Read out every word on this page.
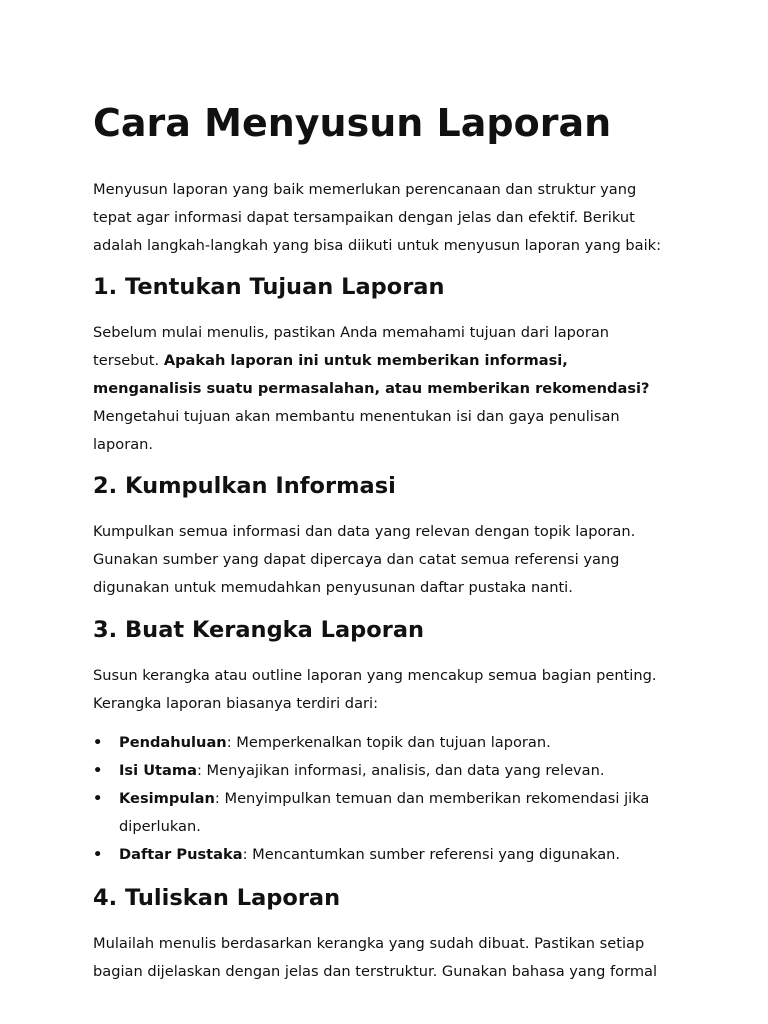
Cara Menyusun Laporan

Menyusun laporan yang baik memerlukan perencanaan dan struktur yang tepat agar informasi dapat tersampaikan dengan jelas dan efektif. Berikut adalah langkah-langkah yang bisa diikuti untuk menyusun laporan yang baik:

1. Tentukan Tujuan Laporan

Sebelum mulai menulis, pastikan Anda memahami tujuan dari laporan tersebut. Apakah laporan ini untuk memberikan informasi, menganalisis suatu permasalahan, atau memberikan rekomendasi? Mengetahui tujuan akan membantu menentukan isi dan gaya penulisan laporan.

2. Kumpulkan Informasi

Kumpulkan semua informasi dan data yang relevan dengan topik laporan. Gunakan sumber yang dapat dipercaya dan catat semua referensi yang digunakan untuk memudahkan penyusunan daftar pustaka nanti.

3. Buat Kerangka Laporan

Susun kerangka atau outline laporan yang mencakup semua bagian penting. Kerangka laporan biasanya terdiri dari:

• Pendahuluan: Memperkenalkan topik dan tujuan laporan.
• Isi Utama: Menyajikan informasi, analisis, dan data yang relevan.
• Kesimpulan: Menyimpulkan temuan dan memberikan rekomendasi jika diperlukan.
• Daftar Pustaka: Mencantumkan sumber referensi yang digunakan.
4. Tuliskan Laporan

Mulailah menulis berdasarkan kerangka yang sudah dibuat. Pastikan setiap bagian dijelaskan dengan jelas dan terstruktur. Gunakan bahasa yang formal
